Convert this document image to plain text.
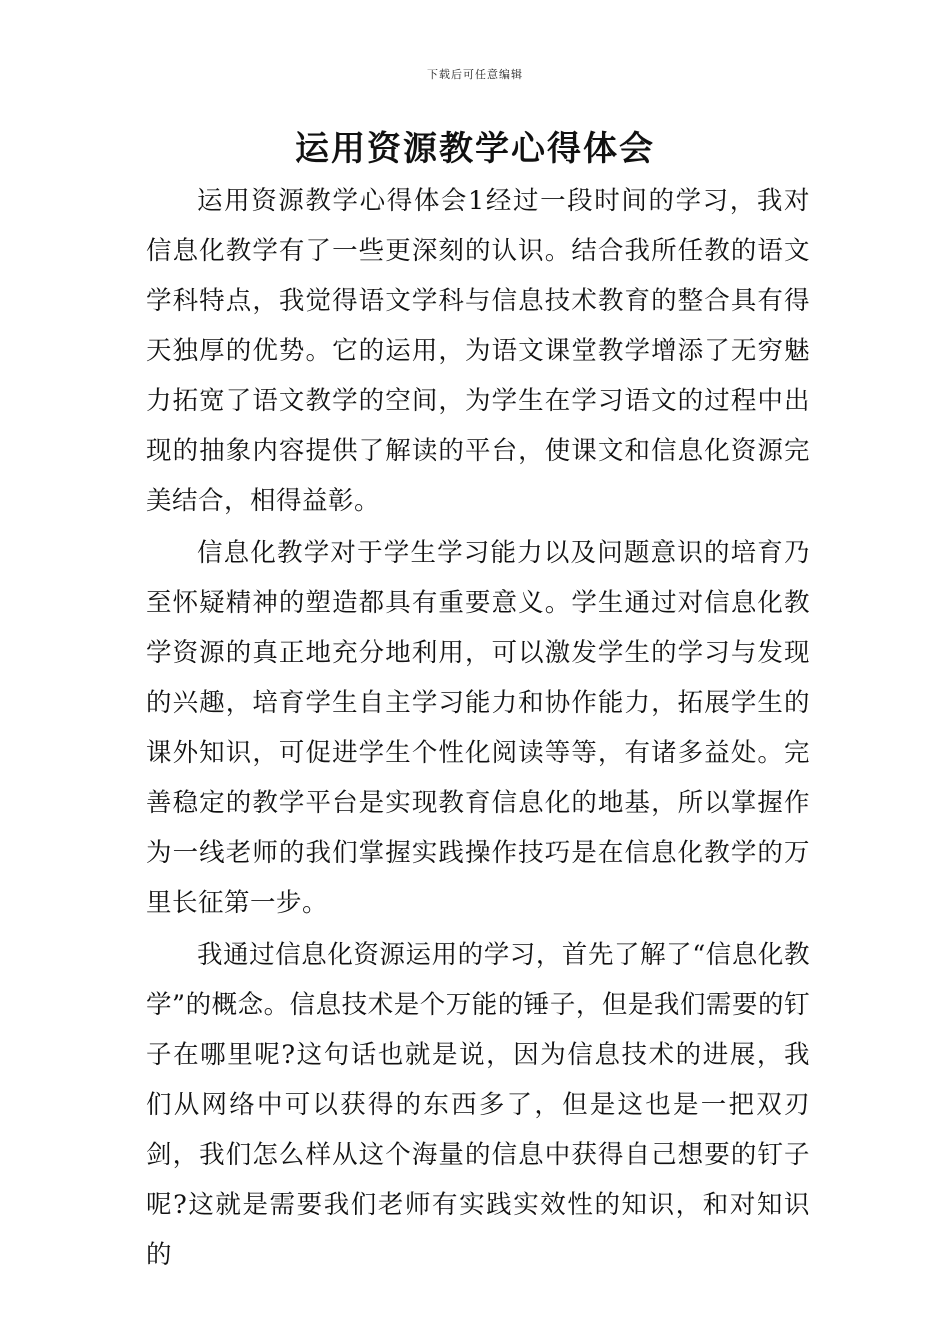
下载后可任意编辑
运用资源教学心得体会

运用资源教学心得体会1经过一段时间的学习，我对信息化教学有了一些更深刻的认识。结合我所任教的语文学科特点，我觉得语文学科与信息技术教育的整合具有得天独厚的优势。它的运用，为语文课堂教学增添了无穷魅力拓宽了语文教学的空间，为学生在学习语文的过程中出现的抽象内容提供了解读的平台，使课文和信息化资源完美结合，相得益彰。

信息化教学对于学生学习能力以及问题意识的培育乃至怀疑精神的塑造都具有重要意义。学生通过对信息化教学资源的真正地充分地利用，可以激发学生的学习与发现的兴趣，培育学生自主学习能力和协作能力，拓展学生的课外知识，可促进学生个性化阅读等等，有诸多益处。完善稳定的教学平台是实现教育信息化的地基，所以掌握作为一线老师的我们掌握实践操作技巧是在信息化教学的万里长征第一步。

我通过信息化资源运用的学习，首先了解了“信息化教学”的概念。信息技术是个万能的锤子，但是我们需要的钉子在哪里呢?这句话也就是说，因为信息技术的进展，我们从网络中可以获得的东西多了，但是这也是一把双刃剑，我们怎么样从这个海量的信息中获得自己想要的钉子呢?这就是需要我们老师有实践实效性的知识，和对知识的
